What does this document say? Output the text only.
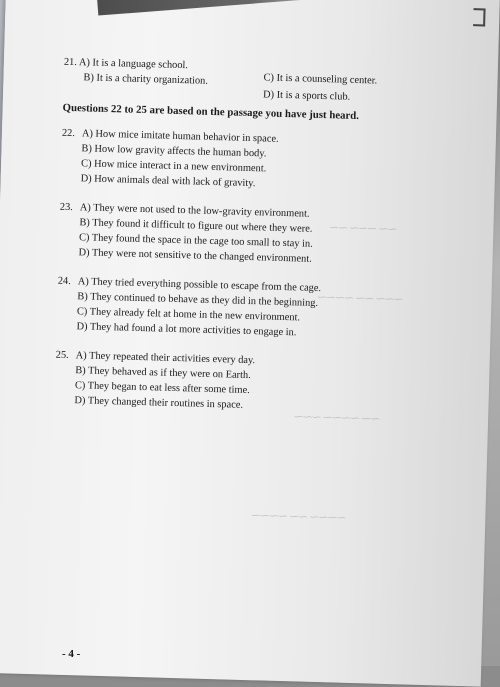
⁓⁓ ⁓⁓⁓ ⁓⁓
⁓⁓⁓ ⁓⁓ ⁓⁓⁓⁓
⁓⁓ ⁓⁓⁓⁓ ⁓⁓⁓
⁓⁓⁓⁓ ⁓⁓ ⁓⁓⁓⁓
21. A) It is a language school.
B) It is a charity organization.	C) It is a counseling center.
D) It is a sports club.
Questions 22 to 25 are based on the passage you have just heard.
22. A) How mice imitate human behavior in space.
B) How low gravity affects the human body.
C) How mice interact in a new environment.
D) How animals deal with lack of gravity.
23. A) They were not used to the low-gravity environment.
B) They found it difficult to figure out where they were.
C) They found the space in the cage too small to stay in.
D) They were not sensitive to the changed environment.
24. A) They tried everything possible to escape from the cage.
B) They continued to behave as they did in the beginning.
C) They already felt at home in the new environment.
D) They had found a lot more activities to engage in.
25. A) They repeated their activities every day.
B) They behaved as if they were on Earth.
C) They began to eat less after some time.
D) They changed their routines in space.
- 4 -
